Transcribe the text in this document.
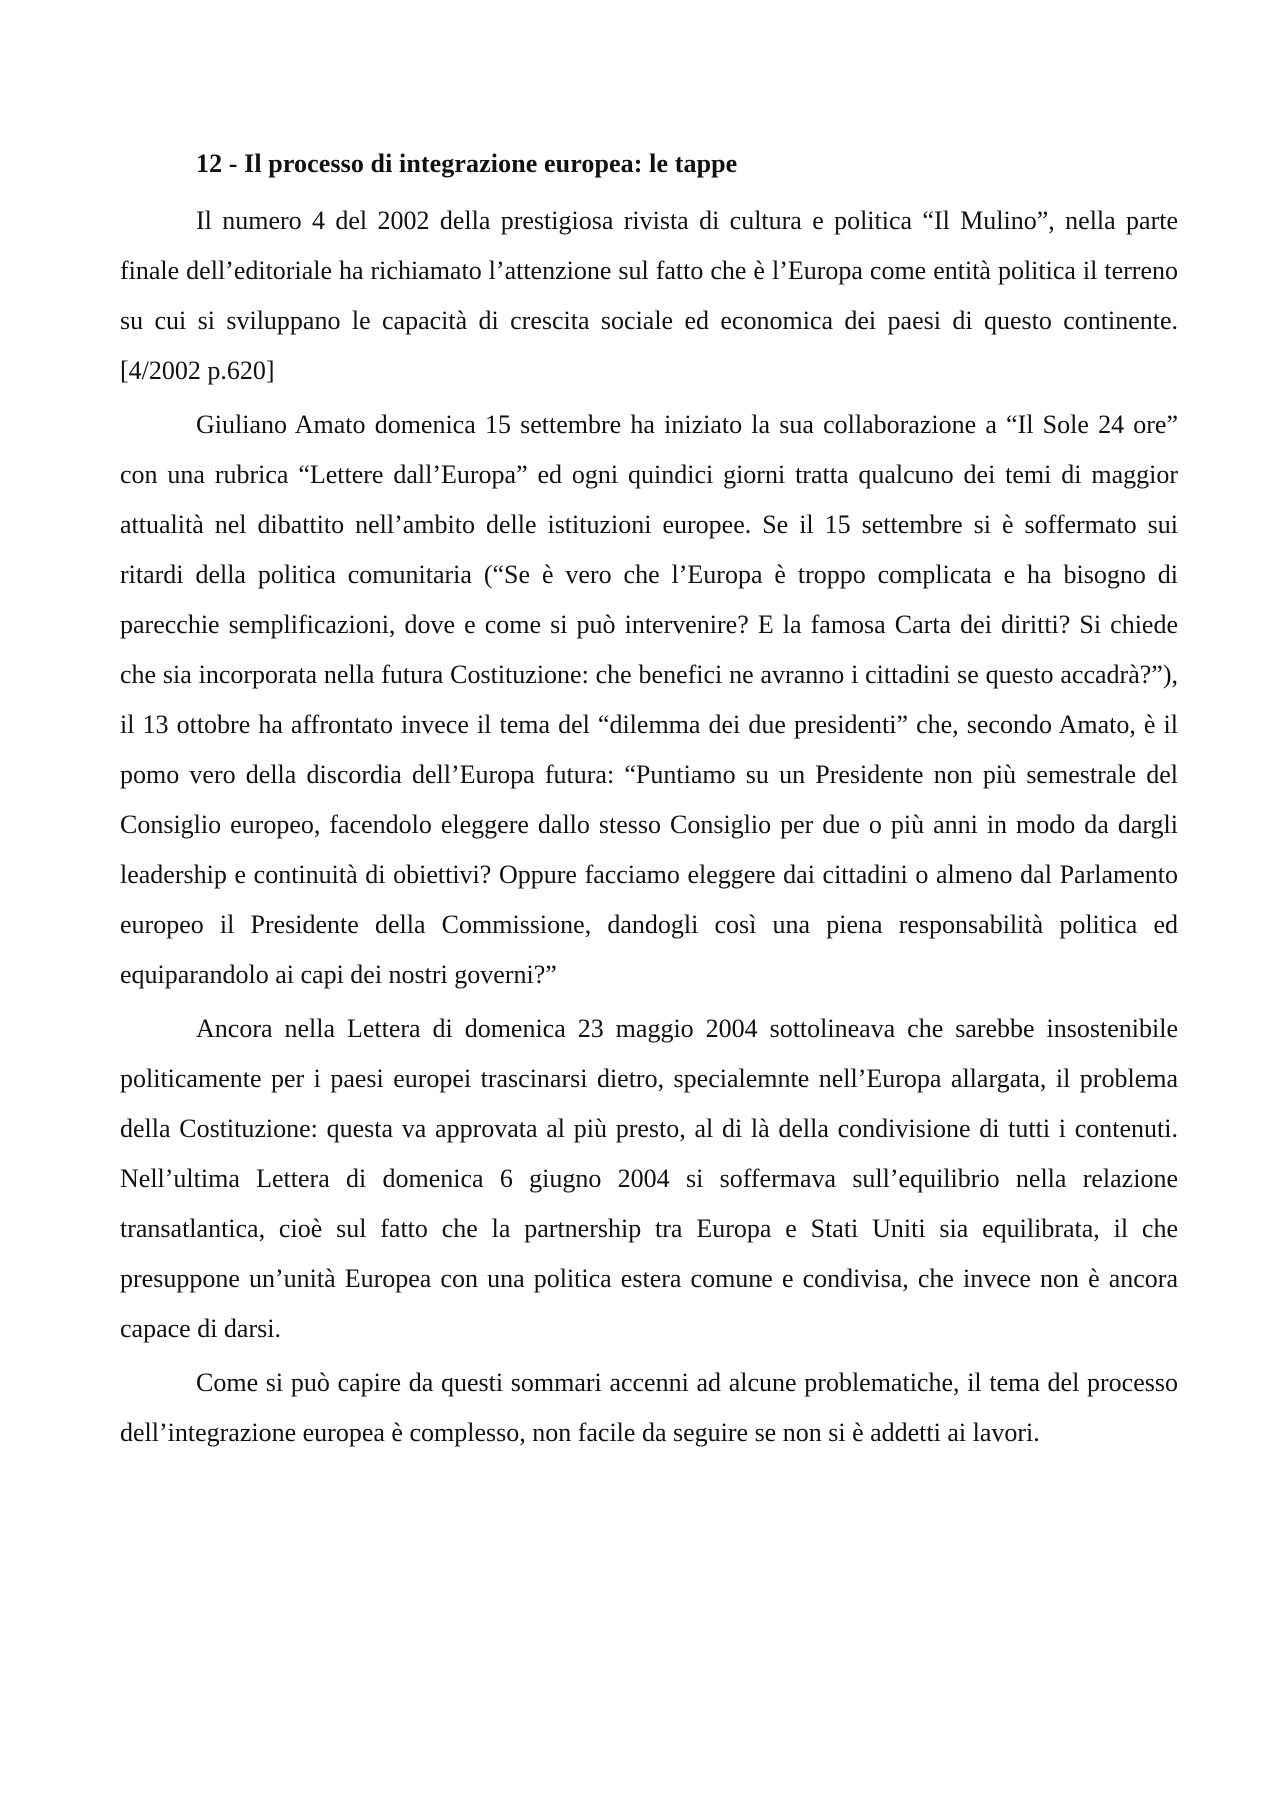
12 - Il processo di integrazione europea: le tappe

Il numero 4 del 2002 della prestigiosa rivista di cultura e politica “Il Mulino”, nella parte finale dell’editoriale ha richiamato l’attenzione sul fatto che è l’Europa come entità politica il terreno su cui si sviluppano le capacità di crescita sociale ed economica dei paesi di questo continente. [4/2002 p.620]

Giuliano Amato domenica 15 settembre ha iniziato la sua collaborazione a “Il Sole 24 ore” con una rubrica “Lettere dall’Europa” ed ogni quindici giorni tratta qualcuno dei temi di maggior attualità nel dibattito nell’ambito delle istituzioni europee. Se il 15 settembre si è soffermato sui ritardi della politica comunitaria (“Se è vero che l’Europa è troppo complicata e ha bisogno di parecchie semplificazioni, dove e come si può intervenire? E la famosa Carta dei diritti? Si chiede che sia incorporata nella futura Costituzione: che benefici ne avranno i cittadini se questo accadrà?”), il 13 ottobre ha affrontato invece il tema del “dilemma dei due presidenti” che, secondo Amato, è il pomo vero della discordia dell’Europa futura: “Puntiamo su un Presidente non più semestrale del Consiglio europeo, facendolo eleggere dallo stesso Consiglio per due o più anni in modo da dargli leadership e continuità di obiettivi? Oppure facciamo eleggere dai cittadini o almeno dal Parlamento europeo il Presidente della Commissione, dandogli così una piena responsabilità politica ed equiparandolo ai capi dei nostri governi?”

Ancora nella Lettera di domenica 23 maggio 2004 sottolineava che sarebbe insostenibile politicamente per i paesi europei trascinarsi dietro, specialemnte nell’Europa allargata, il problema della Costituzione: questa va approvata al più presto, al di là della condivisione di tutti i contenuti. Nell’ultima Lettera di domenica 6 giugno 2004 si soffermava sull’equilibrio nella relazione transatlantica, cioè sul fatto che la partnership tra Europa e Stati Uniti sia equilibrata, il che presuppone un’unità Europea con una politica estera comune e condivisa, che invece non è ancora capace di darsi.

Come si può capire da questi sommari accenni ad alcune problematiche, il tema del processo dell’integrazione europea è complesso, non facile da seguire se non si è addetti ai lavori.
